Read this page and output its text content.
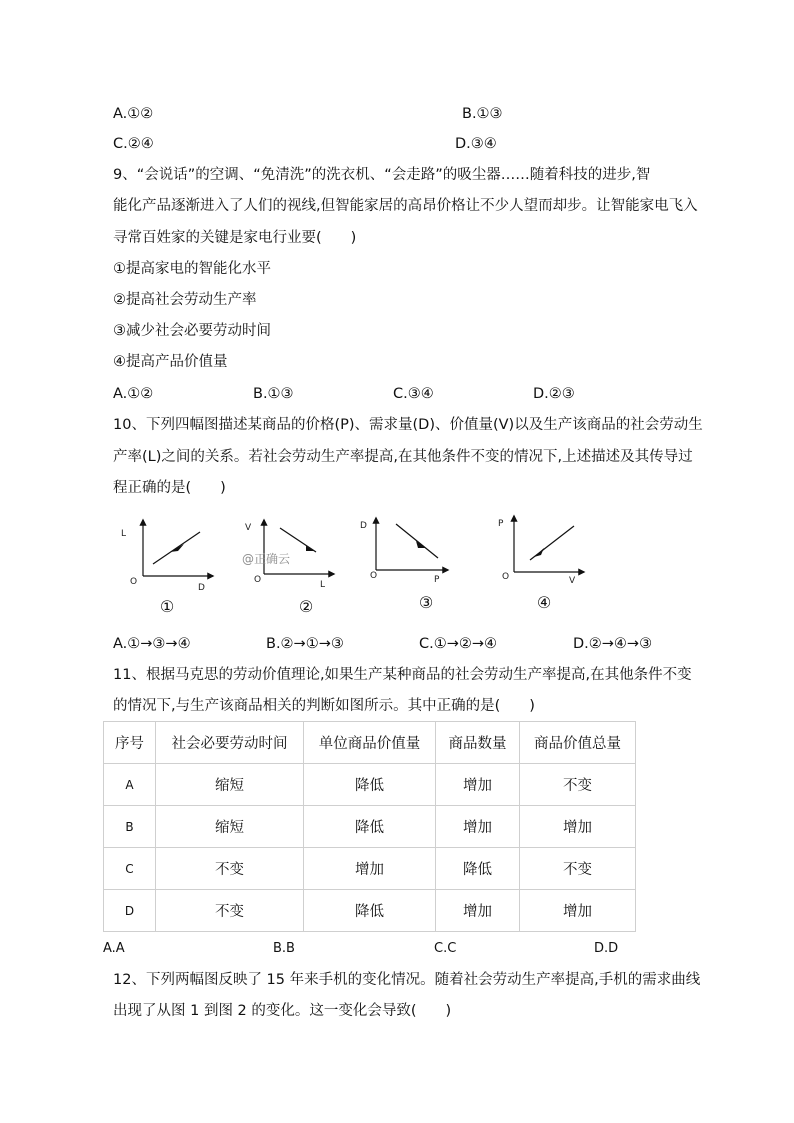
A.①②	B.①③
C.②④	D.③④
9、“会说话”的空调、“免清洗”的洗衣机、“会走路”的吸尘器……随着科技的进步,智
能化产品逐渐进入了人们的视线,但智能家居的高昂价格让不少人望而却步。让智能家电飞入
寻常百姓家的关键是家电行业要(　　)
①提高家电的智能化水平
②提高社会劳动生产率
③减少社会必要劳动时间
④提高产品价值量
A.①②	B.①③	C.③④	D.②③
10、下列四幅图描述某商品的价格(P)、需求量(D)、价值量(V)以及生产该商品的社会劳动生
产率(L)之间的关系。若社会劳动生产率提高,在其他条件不变的情况下,上述描述及其传导过
程正确的是(　　)
L
O
D
①
V
O	L
@正确云
②
D
O	P
③
P
O	V
④
A.①→③→④	B.②→①→③	C.①→②→④	D.②→④→③
11、根据马克思的劳动价值理论,如果生产某种商品的社会劳动生产率提高,在其他条件不变
的情况下,与生产该商品相关的判断如图所示。其中正确的是(　　)
序号	社会必要劳动时间	单位商品价值量	商品数量	商品价值总量
A	缩短	降低	增加	不变
B	缩短	降低	增加	增加
C	不变	增加	降低	不变
D	不变	降低	增加	增加
A.A	B.B	C.C	D.D
12、下列两幅图反映了 15 年来手机的变化情况。随着社会劳动生产率提高,手机的需求曲线
出现了从图 1 到图 2 的变化。这一变化会导致(　　)
